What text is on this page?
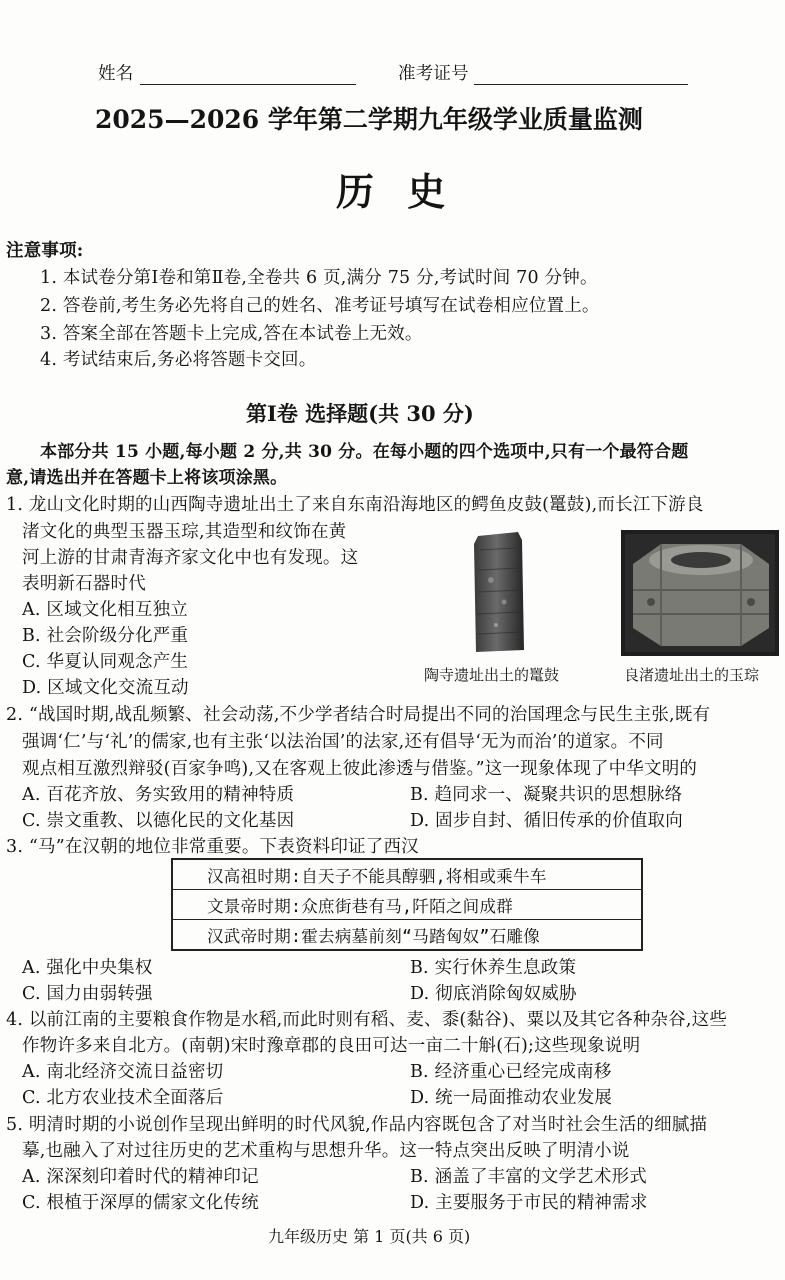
姓名	准考证号
2025—2026 学年第二学期九年级学业质量监测
历 史
注意事项:
1. 本试卷分第Ⅰ卷和第Ⅱ卷,全卷共 6 页,满分 75 分,考试时间 70 分钟。
2. 答卷前,考生务必先将自己的姓名、准考证号填写在试卷相应位置上。
3. 答案全部在答题卡上完成,答在本试卷上无效。
4. 考试结束后,务必将答题卡交回。
第Ⅰ卷 选择题(共 30 分)
本部分共 15 小题,每小题 2 分,共 30 分。在每小题的四个选项中,只有一个最符合题
意,请选出并在答题卡上将该项涂黑。
1. 龙山文化时期的山西陶寺遗址出土了来自东南沿海地区的鳄鱼皮鼓(鼍鼓),而长江下游良
渚文化的典型玉器玉琮,其造型和纹饰在黄
河上游的甘肃青海齐家文化中也有发现。这
表明新石器时代
A. 区域文化相互独立
B. 社会阶级分化严重
C. 华夏认同观念产生
D. 区域文化交流互动
陶寺遗址出土的鼍鼓	良渚遗址出土的玉琮
2. “战国时期,战乱频繁、社会动荡,不少学者结合时局提出不同的治国理念与民生主张,既有
强调‘仁’与‘礼’的儒家,也有主张‘以法治国’的法家,还有倡导‘无为而治’的道家。不同
观点相互激烈辩驳(百家争鸣),又在客观上彼此渗透与借鉴。”这一现象体现了中华文明的
A. 百花齐放、务实致用的精神特质	B. 趋同求一、凝聚共识的思想脉络
C. 崇文重教、以德化民的文化基因	D. 固步自封、循旧传承的价值取向
3. “马”在汉朝的地位非常重要。下表资料印证了西汉
汉高祖时期:自天子不能具醇驷,将相或乘牛车
文景帝时期:众庶街巷有马,阡陌之间成群
汉武帝时期:霍去病墓前刻“马踏匈奴”石雕像
A. 强化中央集权	B. 实行休养生息政策
C. 国力由弱转强	D. 彻底消除匈奴威胁
4. 以前江南的主要粮食作物是水稻,而此时则有稻、麦、黍(黏谷)、粟以及其它各种杂谷,这些
作物许多来自北方。(南朝)宋时豫章郡的良田可达一亩二十斛(石);这些现象说明
A. 南北经济交流日益密切	B. 经济重心已经完成南移
C. 北方农业技术全面落后	D. 统一局面推动农业发展
5. 明清时期的小说创作呈现出鲜明的时代风貌,作品内容既包含了对当时社会生活的细腻描
摹,也融入了对过往历史的艺术重构与思想升华。这一特点突出反映了明清小说
A. 深深刻印着时代的精神印记	B. 涵盖了丰富的文学艺术形式
C. 根植于深厚的儒家文化传统	D. 主要服务于市民的精神需求
九年级历史 第 1 页(共 6 页)
